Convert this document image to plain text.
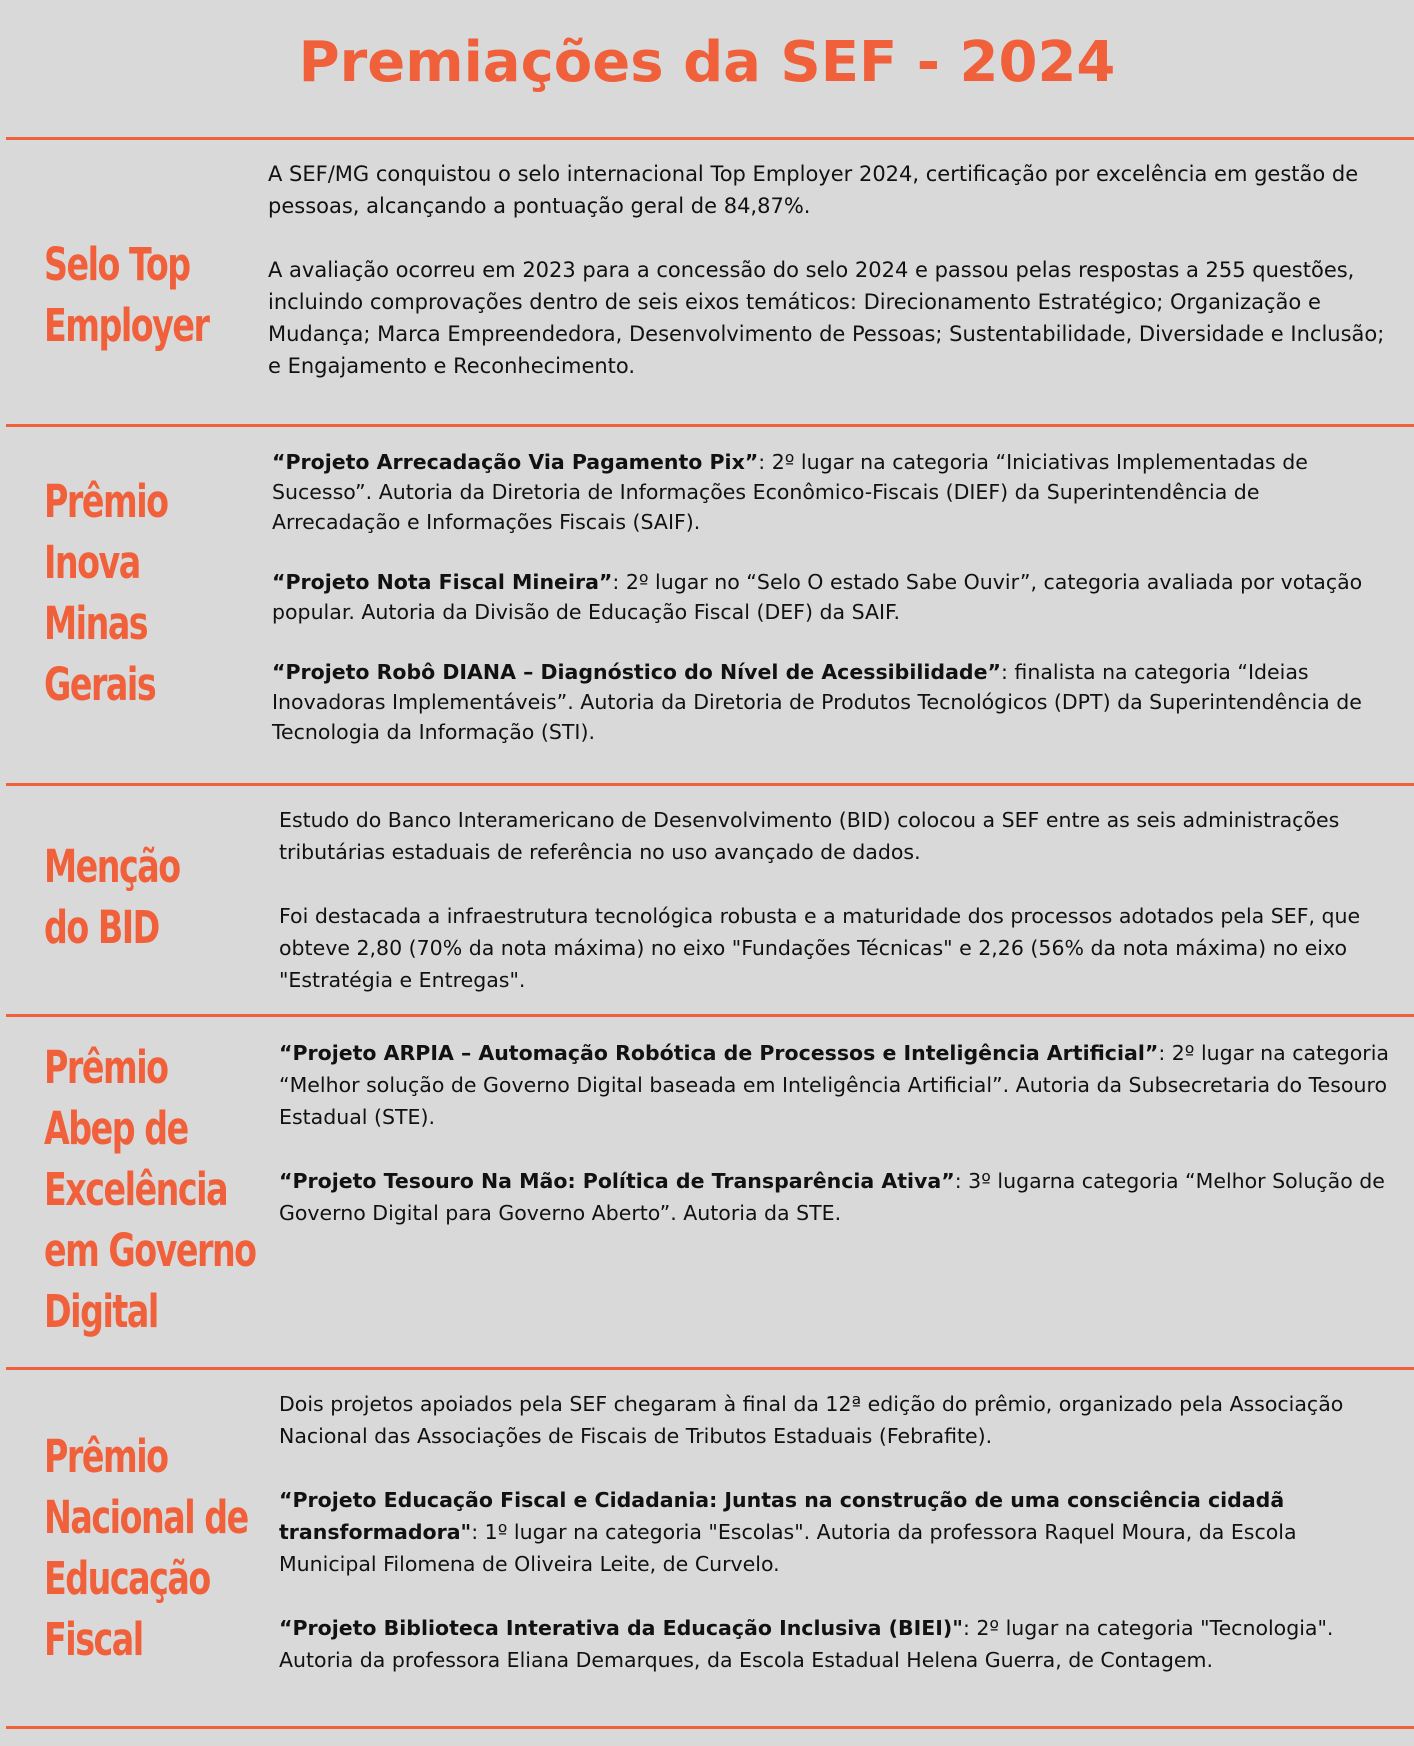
Premiações da SEF - 2024
Selo Top
Employer

A SEF/MG conquistou o selo internacional Top Employer 2024, certificação por excelência em gestão de pessoas, alcançando a pontuação geral de 84,87%.

A avaliação ocorreu em 2023 para a concessão do selo 2024 e passou pelas respostas a 255 questões, incluindo comprovações dentro de seis eixos temáticos: Direcionamento Estratégico; Organização e Mudança; Marca Empreendedora, Desenvolvimento de Pessoas; Sustentabilidade, Diversidade e Inclusão; e Engajamento e Reconhecimento.

Prêmio
Inova
Minas
Gerais

“Projeto Arrecadação Via Pagamento Pix”: 2º lugar na categoria “Iniciativas Implementadas de Sucesso”. Autoria da Diretoria de Informações Econômico-Fiscais (DIEF) da Superintendência de Arrecadação e Informações Fiscais (SAIF).

“Projeto Nota Fiscal Mineira”: 2º lugar no “Selo O estado Sabe Ouvir”, categoria avaliada por votação popular. Autoria da Divisão de Educação Fiscal (DEF) da SAIF.

“Projeto Robô DIANA – Diagnóstico do Nível de Acessibilidade”: finalista na categoria “Ideias Inovadoras Implementáveis”. Autoria da Diretoria de Produtos Tecnológicos (DPT) da Superintendência de Tecnologia da Informação (STI).

Menção
do BID

Estudo do Banco Interamericano de Desenvolvimento (BID) colocou a SEF entre as seis administrações tributárias estaduais de referência no uso avançado de dados.

Foi destacada a infraestrutura tecnológica robusta e a maturidade dos processos adotados pela SEF, que obteve 2,80 (70% da nota máxima) no eixo "Fundações Técnicas" e 2,26 (56% da nota máxima) no eixo "Estratégia e Entregas".

Prêmio
Abep de
Excelência
em Governo
Digital

“Projeto ARPIA – Automação Robótica de Processos e Inteligência Artificial”: 2º lugar na categoria “Melhor solução de Governo Digital baseada em Inteligência Artificial”. Autoria da Subsecretaria do Tesouro Estadual (STE).

“Projeto Tesouro Na Mão: Política de Transparência Ativa”: 3º lugarna categoria “Melhor Solução de Governo Digital para Governo Aberto”. Autoria da STE.

Prêmio
Nacional de
Educação
Fiscal

Dois projetos apoiados pela SEF chegaram à final da 12ª edição do prêmio, organizado pela Associação Nacional das Associações de Fiscais de Tributos Estaduais (Febrafite).

“Projeto Educação Fiscal e Cidadania: Juntas na construção de uma consciência cidadã transformadora": 1º lugar na categoria "Escolas". Autoria da professora Raquel Moura, da Escola Municipal Filomena de Oliveira Leite, de Curvelo.

“Projeto Biblioteca Interativa da Educação Inclusiva (BIEI)": 2º lugar na categoria "Tecnologia". Autoria da professora Eliana Demarques, da Escola Estadual Helena Guerra, de Contagem.
